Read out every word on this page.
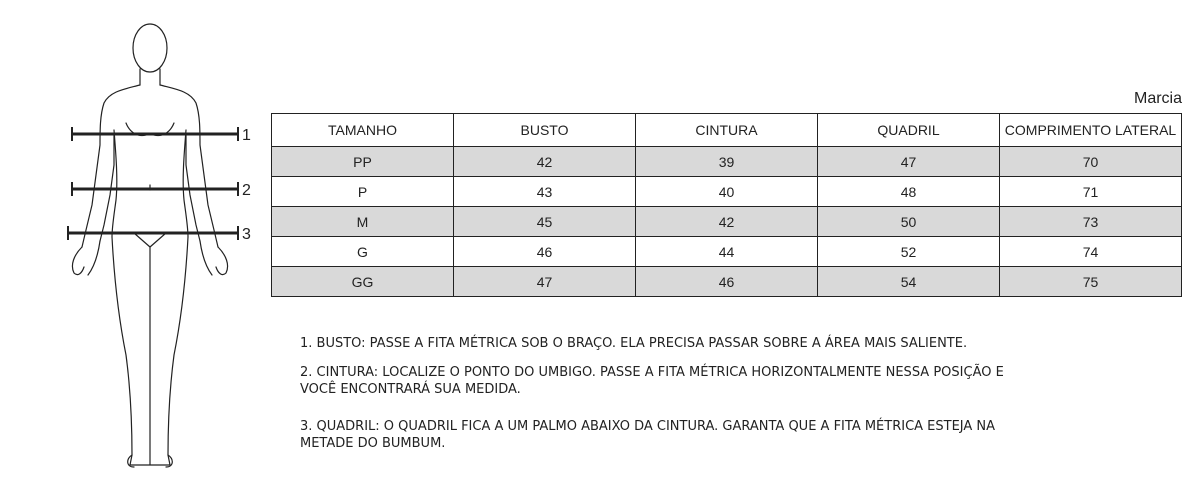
1
2
3
Marcia
TAMANHO	BUSTO	CINTURA	QUADRIL	COMPRIMENTO LATERAL
PP	42	39	47	70
P	43	40	48	71
M	45	42	50	73
G	46	44	52	74
GG	47	46	54	75

1. BUSTO: PASSE A FITA MÉTRICA SOB O BRAÇO. ELA PRECISA PASSAR SOBRE A ÁREA MAIS SALIENTE.

2. CINTURA: LOCALIZE O PONTO DO UMBIGO. PASSE A FITA MÉTRICA HORIZONTALMENTE NESSA POSIÇÃO E VOCÊ ENCONTRARÁ SUA MEDIDA.

3. QUADRIL: O QUADRIL FICA A UM PALMO ABAIXO DA CINTURA. GARANTA QUE A FITA MÉTRICA ESTEJA NA METADE DO BUMBUM.
